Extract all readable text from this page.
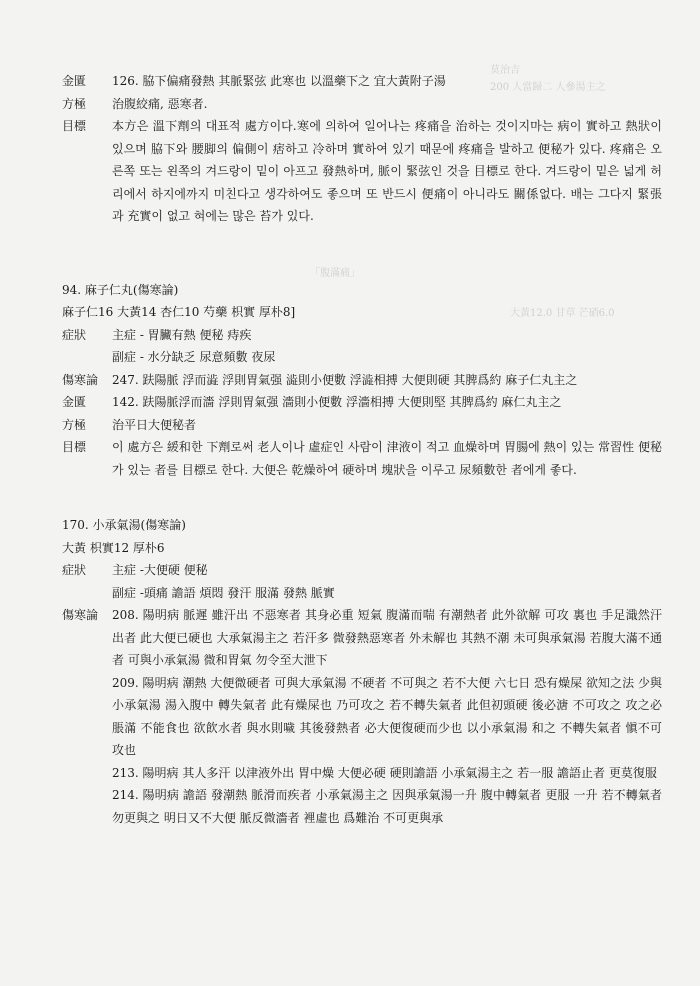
莫治吉　
200 人當歸二 人參湯主之

「腹滿痛」
大黃12.0 甘草 芒硝6.0
金匱	126. 脇下偏痛發熱 其脈緊弦 此寒也 以溫藥下之 宜大黃附子湯
方極	治腹絞痛, 惡寒者.
目標	本方은 溫下劑의 대표적 處方이다.寒에 의하여 일어나는 疼痛을 治하는 것이지마는 病이 實하고 熱狀이 있으며 脇下와 腰脚의 偏側이 痞하고 冷하며 實하여 있기 때문에 疼痛을 발하고 便秘가 있다. 疼痛은 오른쪽 또는 왼쪽의 겨드랑이 밑이 아프고 發熱하며, 脈이 緊弦인 것을 目標로 한다. 겨드랑이 밑은 넓게 허리에서 하지에까지 미친다고 생각하여도 좋으며 또 반드시 便痛이 아니라도 關係없다. 배는 그다지 緊張과 充實이 없고 혀에는 많은 苔가 있다.
94. 麻子仁丸(傷寒論)
麻子仁16 大黃14 杏仁10 芍藥 枳實 厚朴8]
症狀	主症 - 胃臟有熱 便秘 痔疾
副症 - 水分缺乏 尿意頻數 夜尿
傷寒論	247. 趺陽脈 浮而澁 浮則胃氣强 澁則小便數 浮澁相搏 大便則硬 其脾爲約 麻子仁丸主之
金匱	142. 趺陽脈浮而濇 浮則胃氣强 濇則小便數 浮濇相搏 大便則堅 其脾爲約 麻仁丸主之
方極	治平日大便秘者
目標	이 處方은 緩和한 下劑로써 老人이나 虛症인 사람이 津液이 적고 血燥하며 胃腸에 熱이 있는 常習性 便秘가 있는 者를 目標로 한다. 大便은 乾燥하여 硬하며 塊狀을 이루고 尿頻數한 者에게 좋다.
170. 小承氣湯(傷寒論)
大黃 枳實12 厚朴6
症狀	主症 -大便硬 便秘
副症 -頭痛 譫語 煩悶 發汗 服滿 發熱 脈實
傷寒論	208. 陽明病 脈遲 雖汗出 不惡寒者 其身必重 短氣 腹滿而喘 有潮熱者 此外欲解 可攻 裏也 手足濈然汗出者 此大便已硬也 大承氣湯主之 若汗多 微發熱惡寒者 外未解也 其熱不潮 未可與承氣湯 若腹大滿不通者 可與小承氣湯 微和胃氣 勿令至大泄下
209. 陽明病 潮熱 大便微硬者 可與大承氣湯 不硬者 不可與之 若不大便 六七日 恐有燥屎 欲知之法 少與小承氣湯 湯入腹中 轉失氣者 此有燥屎也 乃可攻之 若不轉失氣者 此但初頭硬 後必溏 不可攻之 攻之必脹滿 不能食也 欲飮水者 與水則噦 其後發熱者 必大便復硬而少也 以小承氣湯 和之 不轉失氣者 愼不可攻也
213. 陽明病 其人多汗 以津液外出 胃中燥 大便必硬 硬則譫語 小承氣湯主之 若一服 譫語止者 更莫復服
214. 陽明病 譫語 發潮熱 脈滑而疾者 小承氣湯主之 因與承氣湯一升 腹中轉氣者 更服 一升 若不轉氣者 勿更與之 明日又不大便 脈反微濇者 裡虛也 爲難治 不可更與承
